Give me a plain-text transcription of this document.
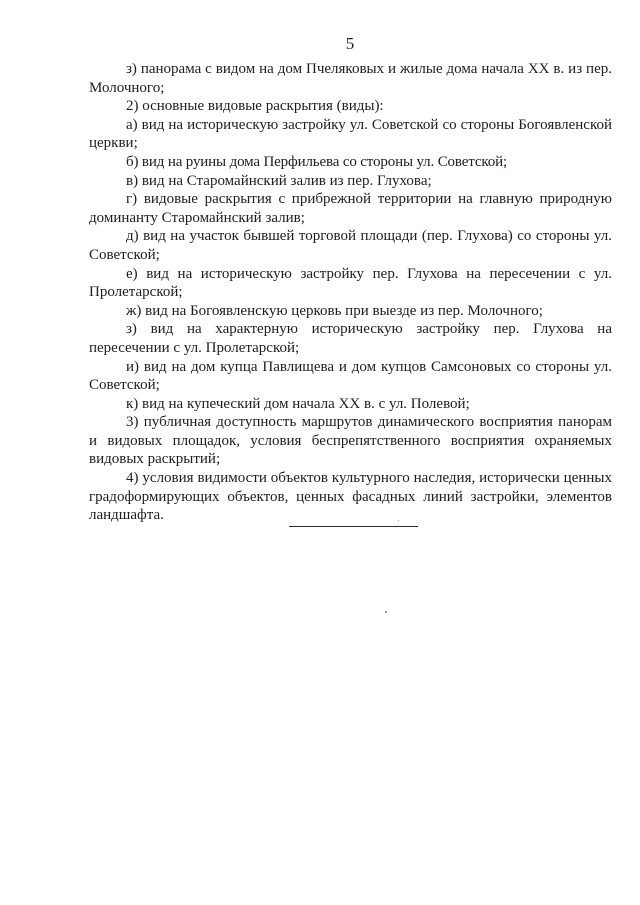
5

з) панорама с видом на дом Пчеляковых и жилые дома начала XX в. из пер. Молочного;

2) основные видовые раскрытия (виды):

а) вид на историческую застройку ул. Советской со стороны Богоявленской церкви;

б) вид на руины дома Перфильева со стороны ул. Советской;

в) вид на Старомайнский залив из пер. Глухова;

г) видовые раскрытия с прибрежной территории на главную природную доминанту Старомайнский залив;

д) вид на участок бывшей торговой площади (пер. Глухова) со стороны ул. Советской;

е) вид на историческую застройку пер. Глухова на пересечении с ул. Пролетарской;

ж) вид на Богоявленскую церковь при выезде из пер. Молочного;

з) вид на характерную историческую застройку пер. Глухова на пересечении с ул. Пролетарской;

и) вид на дом купца Павлищева и дом купцов Самсоновых со стороны ул. Советской;

к) вид на купеческий дом начала XX в. с ул. Полевой;

3) публичная доступность маршрутов динамического восприятия панорам и видовых площадок, условия беспрепятственного восприятия охраняемых видовых раскрытий;

4) условия видимости объектов культурного наследия, исторически ценных градоформирующих объектов, ценных фасадных линий застройки, элементов ландшафта.
